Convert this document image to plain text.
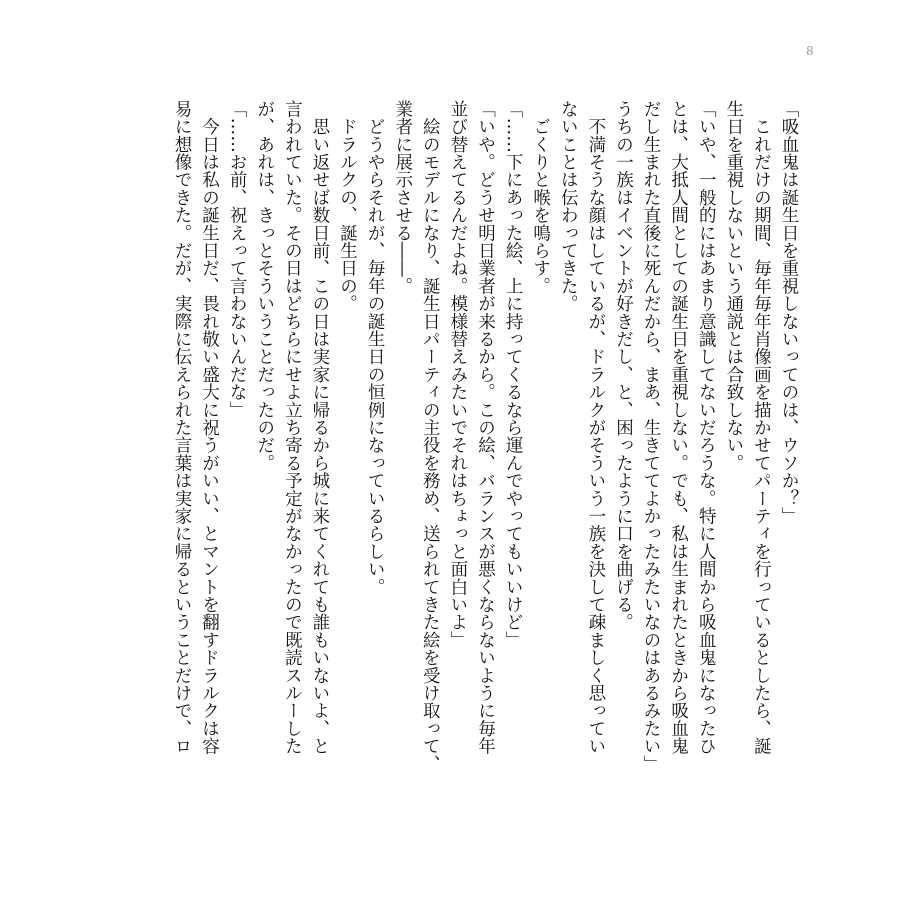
8
「吸血鬼は誕生日を重視しないってのは、ウソか？」
　これだけの期間、毎年毎年肖像画を描かせてパーティを行っているとしたら、誕
生日を重視しないという通説とは合致しない。
「いや、一般的にはあまり意識してないだろうな。特に人間から吸血鬼になったひ
とは、大抵人間としての誕生日を重視しない。でも、私は生まれたときから吸血鬼
だし生まれた直後に死んだから、まあ、生きててよかったみたいなのはあるみたい」
うちの一族はイベントが好きだし、と、困ったように口を曲げる。
　不満そうな顔はしているが、ドラルクがそういう一族を決して疎ましく思ってい
ないことは伝わってきた。
　ごくりと喉を鳴らす。
「……下にあった絵、上に持ってくるなら運んでやってもいいけど」
「いや。どうせ明日業者が来るから。この絵、バランスが悪くならないように毎年
並び替えてるんだよね。模様替えみたいでそれはちょっと面白いよ」
　絵のモデルになり、誕生日パーティの主役を務め、送られてきた絵を受け取って、
業者に展示させる――。
　どうやらそれが、毎年の誕生日の恒例になっているらしい。
　ドラルクの、誕生日の。
　思い返せば数日前、この日は実家に帰るから城に来てくれても誰もいないよ、と
言われていた。その日はどちらにせよ立ち寄る予定がなかったので既読スルーした
が、あれは、きっとそういうことだったのだ。
「……お前、祝えって言わないんだな」
　今日は私の誕生日だ、畏れ敬い盛大に祝うがいい、とマントを翻すドラルクは容
易に想像できた。だが、実際に伝えられた言葉は実家に帰るということだけで、ロ
